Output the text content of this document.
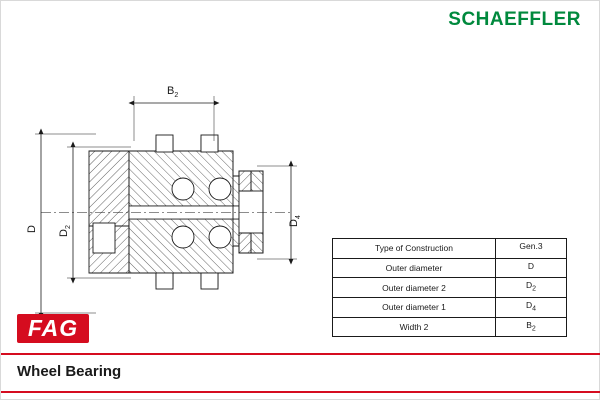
SCHAEFFLER
$B_2$
D $D_2$
$D_4$
Type of Construction	Gen.3
Outer diameter	D
Outer diameter 2	$D_2$
Outer diameter 1	$D_4$
Width 2	$B_2$
FAG
Wheel Bearing
